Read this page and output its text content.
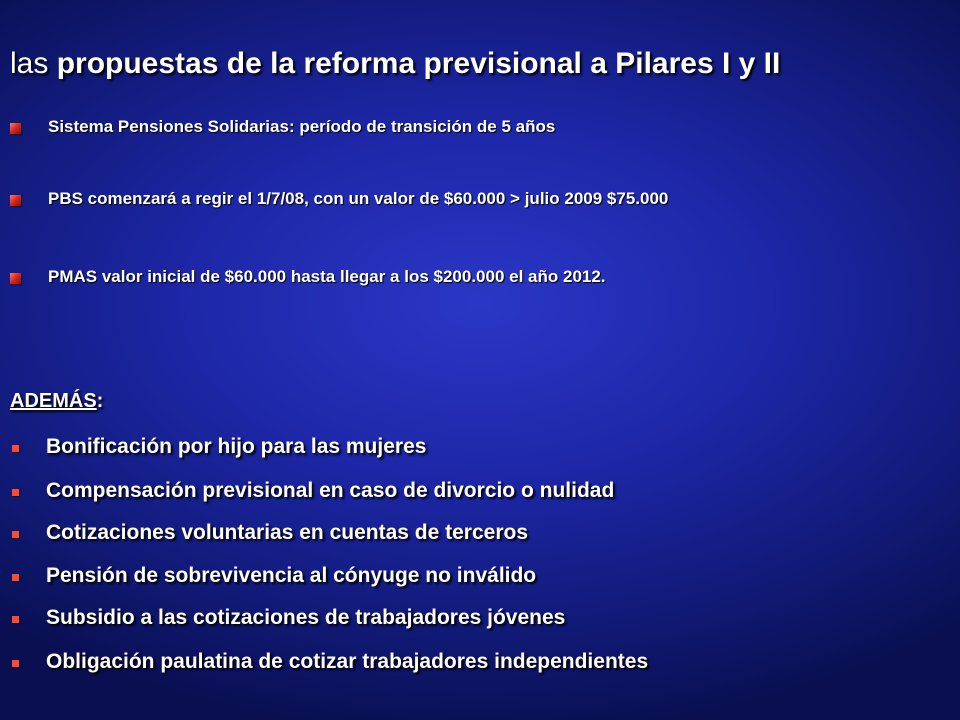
las propuestas de la reforma previsional a Pilares I y II
Sistema Pensiones Solidarias: período de transición de 5 años
PBS comenzará a regir el 1/7/08, con un valor de $60.000 > julio 2009 $75.000
PMAS valor inicial de $60.000 hasta llegar a los $200.000 el año 2012.
ADEMÁS:
Bonificación por hijo para las mujeres
Compensación previsional en caso de divorcio o nulidad
Cotizaciones voluntarias en cuentas de terceros
Pensión de sobrevivencia al cónyuge no inválido
Subsidio a las cotizaciones de trabajadores jóvenes
Obligación paulatina de cotizar trabajadores independientes
